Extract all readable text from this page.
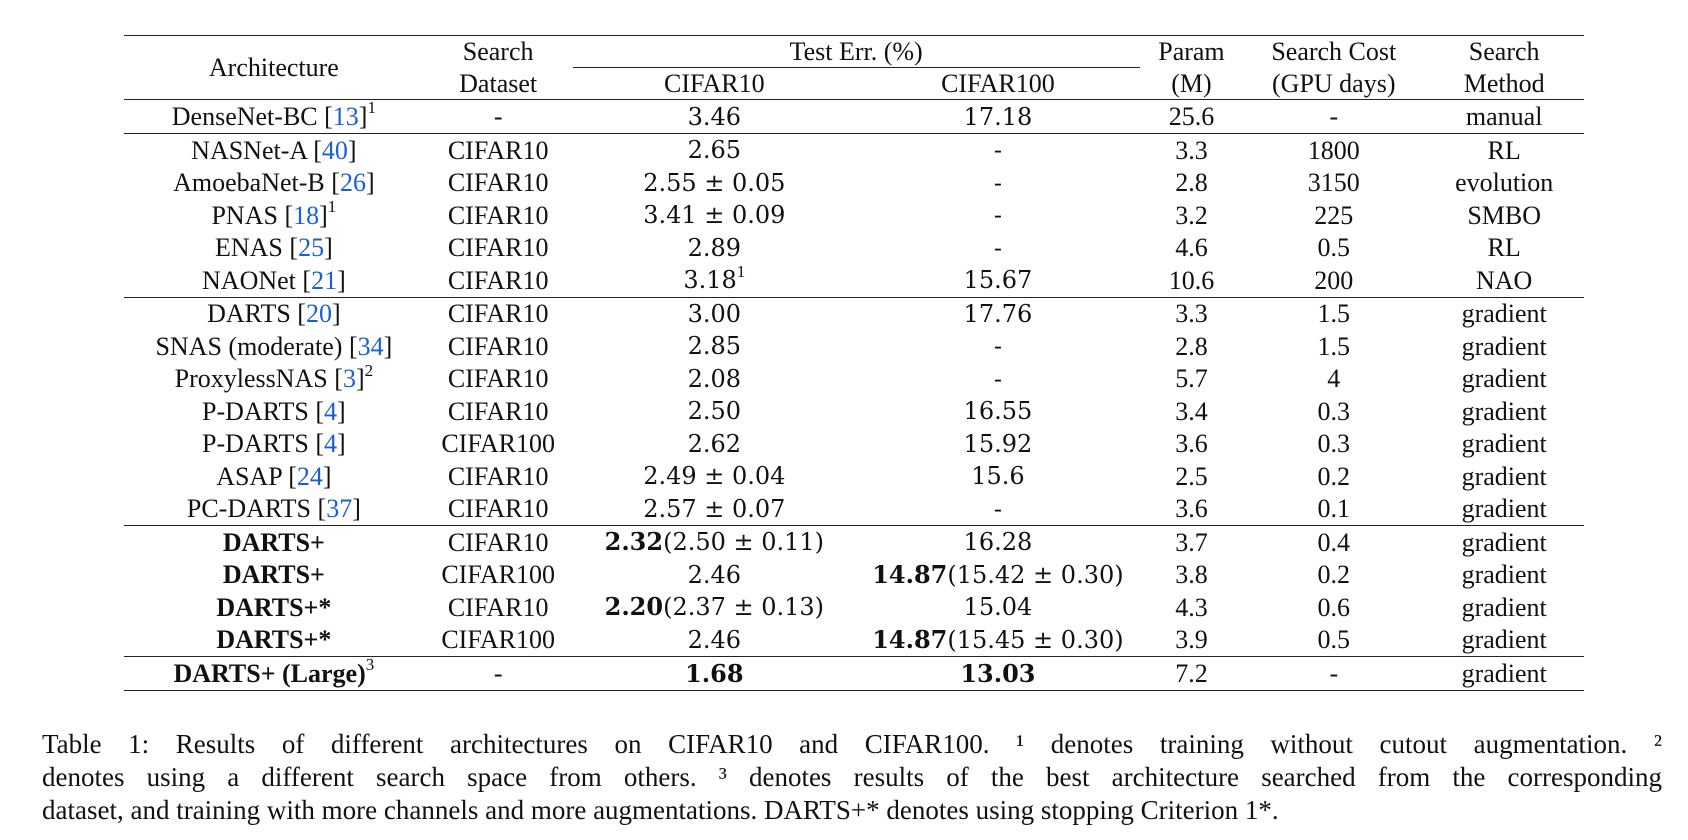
Architecture	Search	Test Err. (%)		Param	Search Cost	Search
	Dataset	CIFAR10	CIFAR100	(M)	(GPU days)	Method
DenseNet-BC $[13]^1$	-	3.46	17.18	25.6	-	manual
NASNet-A [40]	CIFAR10	2.65	-	3.3	1800	RL
AmoebaNet-B [26]	CIFAR10	2.55 ± 0.05	-	2.8	3150	evolution
PNAS $[18]^1$	CIFAR10	3.41 ± 0.09	-	3.2	225	SMBO
ENAS [25]	CIFAR10	2.89	-	4.6	0.5	RL
NAONet [21]	CIFAR10	3.18$^1$	15.67	10.6	200	NAO
DARTS [20]	CIFAR10	3.00	17.76	3.3	1.5	gradient
SNAS (moderate) [34]	CIFAR10	2.85	-	2.8	1.5	gradient
ProxylessNAS $[3]^2$	CIFAR10	2.08	-	5.7	4	gradient
P-DARTS [4]	CIFAR10	2.50	16.55	3.4	0.3	gradient
P-DARTS [4]	CIFAR100	2.62	15.92	3.6	0.3	gradient
ASAP [24]	CIFAR10	2.49 ± 0.04	15.6	2.5	0.2	gradient
PC-DARTS [37]	CIFAR10	2.57 ± 0.07	-	3.6	0.1	gradient
DARTS+	CIFAR10	2.32(2.50 ± 0.11)	16.28	3.7	0.4	gradient
DARTS+	CIFAR100	2.46	14.87(15.42 ± 0.30)	3.8	0.2	gradient
DARTS+*	CIFAR10	2.20(2.37 ± 0.13)	15.04	4.3	0.6	gradient
DARTS+*	CIFAR100	2.46	14.87(15.45 ± 0.30)	3.9	0.5	gradient
DARTS+ (Large)$^3$	-	1.68	13.03	7.2	-	gradient
Table 1: Results of different architectures on CIFAR10 and CIFAR100. ¹ denotes training without cutout augmentation. ²
denotes using a different search space from others. ³ denotes results of the best architecture searched from the corresponding
dataset, and training with more channels and more augmentations. DARTS+* denotes using stopping Criterion 1*.
